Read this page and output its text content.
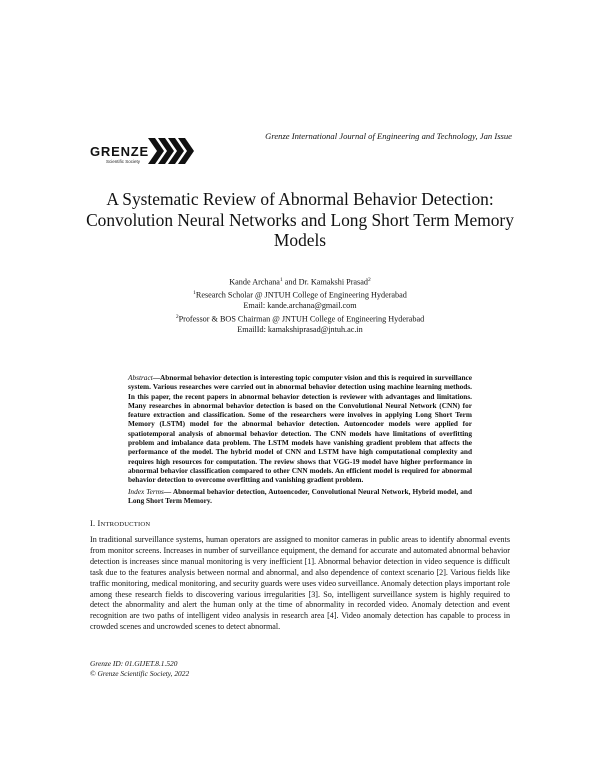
Grenze International Journal of Engineering and Technology, Jan Issue
GRENZE
Scientific Society
A Systematic Review of Abnormal Behavior Detection: Convolution Neural Networks and Long Short Term Memory Models
Kande Archana$^1$ and Dr. Kamakshi Prasad$^2$
$^1$Research Scholar @ JNTUH College of Engineering Hyderabad
Email: kande.archana@gmail.com
$^2$Professor & BOS Chairman @ JNTUH College of Engineering Hyderabad
EmailId: kamakshiprasad@jntuh.ac.in
Abstract—Abnormal behavior detection is interesting topic computer vision and this is required in surveillance system. Various researches were carried out in abnormal behavior detection using machine learning methods. In this paper, the recent papers in abnormal behavior detection is reviewer with advantages and limitations. Many researches in abnormal behavior detection is based on the Convolutional Neural Network (CNN) for feature extraction and classification. Some of the researchers were involves in applying Long Short Term Memory (LSTM) model for the abnormal behavior detection. Autoencoder models were applied for spatiotemporal analysis of abnormal behavior detection. The CNN models have limitations of overfitting problem and imbalance data problem. The LSTM models have vanishing gradient problem that affects the performance of the model. The hybrid model of CNN and LSTM have high computational complexity and requires high resources for computation. The review shows that VGG-19 model have higher performance in abnormal behavior classification compared to other CNN models. An efficient model is required for abnormal behavior detection to overcome overfitting and vanishing gradient problem.
Index Terms— Abnormal behavior detection, Autoencoder, Convolutional Neural Network, Hybrid model, and Long Short Term Memory.
I. INTRODUCTION
In traditional surveillance systems, human operators are assigned to monitor cameras in public areas to identify abnormal events from monitor screens. Increases in number of surveillance equipment, the demand for accurate and automated abnormal behavior detection is increases since manual monitoring is very inefficient [1]. Abnormal behavior detection in video sequence is difficult task due to the features analysis between normal and abnormal, and also dependence of context scenario [2]. Various fields like traffic monitoring, medical monitoring, and security guards were uses video surveillance. Anomaly detection plays important role among these research fields to discovering various irregularities [3]. So, intelligent surveillance system is highly required to detect the abnormality and alert the human only at the time of abnormality in recorded video. Anomaly detection and event recognition are two paths of intelligent video analysis in research area [4]. Video anomaly detection has capable to process in crowded scenes and uncrowded scenes to detect abnormal.
Grenze ID: 01.GIJET.8.1.520
© Grenze Scientific Society, 2022
